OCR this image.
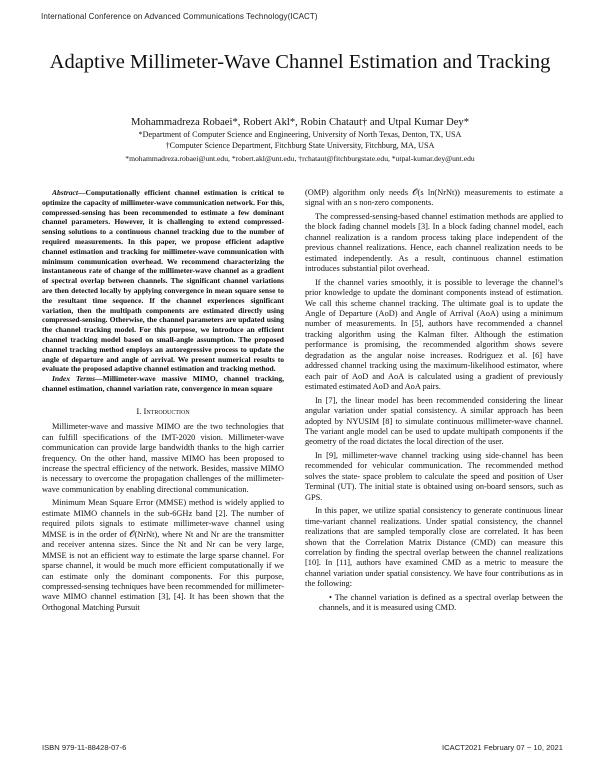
International Conference on Advanced Communications Technology(ICACT)
Adaptive Millimeter-Wave Channel Estimation and Tracking
Mohammadreza Robaei*, Robert Akl*, Robin Chataut† and Utpal Kumar Dey*
*Department of Computer Science and Engineering, University of North Texas, Denton, TX, USA
†Computer Science Department, Fitchburg State University, Fitchburg, MA, USA
*mohammadreza.robaei@unt.edu, *robert.akl@unt.edu, †rchataut@fitchburgstate.edu, *utpal-kumar.dey@unt.edu

Abstract—Computationally efficient channel estimation is critical to optimize the capacity of millimeter-wave communication network. For this, compressed-sensing has been recommended to estimate a few dominant channel parameters. However, it is challenging to extend compressed-sensing solutions to a continuous channel tracking due to the number of required measurements. In this paper, we propose efficient adaptive channel estimation and tracking for millimeter-wave communication with minimum communication overhead. We recommend characterizing the instantaneous rate of change of the millimeter-wave channel as a gradient of spectral overlap between channels. The significant channel variations are then detected locally by applying convergence in mean square sense to the resultant time sequence. If the channel experiences significant variation, then the multipath components are estimated directly using compressed-sensing. Otherwise, the channel parameters are updated using the channel tracking model. For this purpose, we introduce an efficient channel tracking model based on small-angle assumption. The proposed channel tracking method employs an autoregressive process to update the angle of departure and angle of arrival. We present numerical results to evaluate the proposed adaptive channel estimation and tracking method.

Index Terms—Millimeter-wave massive MIMO, channel tracking, channel estimation, channel variation rate, convergence in mean square

I. Introduction

Millimeter-wave and massive MIMO are the two technologies that can fulfill specifications of the IMT-2020 vision. Millimeter-wave communication can provide large bandwidth thanks to the high carrier frequency. On the other hand, massive MIMO has been proposed to increase the spectral efficiency of the network. Besides, massive MIMO is necessary to overcome the propagation challenges of the millimeter-wave communication by enabling directional communication.

Minimum Mean Square Error (MMSE) method is widely applied to estimate MIMO channels in the sub-6GHz band [2]. The number of required pilots signals to estimate millimeter-wave channel using MMSE is in the order of 𝒪(NrNt), where Nt and Nr are the transmitter and receiver antenna sizes. Since the Nt and Nr can be very large, MMSE is not an efficient way to estimate the large sparse channel. For sparse channel, it would be much more efficient computationally if we can estimate only the dominant components. For this purpose, compressed-sensing techniques have been recommended for millimeter-wave MIMO channel estimation [3], [4]. It has been shown that the Orthogonal Matching Pursuit

(OMP) algorithm only needs 𝒪(s ln(NrNt)) measurements to estimate a signal with an s non-zero components.

The compressed-sensing-based channel estimation methods are applied to the block fading channel models [3]. In a block fading channel model, each channel realization is a random process taking place independent of the previous channel realizations. Hence, each channel realization needs to be estimated independently. As a result, continuous channel estimation introduces substantial pilot overhead.

If the channel varies smoothly, it is possible to leverage the channel’s prior knowledge to update the dominant components instead of estimation. We call this scheme channel tracking. The ultimate goal is to update the Angle of Departure (AoD) and Angle of Arrival (AoA) using a minimum number of measurements. In [5], authors have recommended a channel tracking algorithm using the Kalman filter. Although the estimation performance is promising, the recommended algorithm shows severe degradation as the angular noise increases. Rodriguez et al. [6] have addressed channel tracking using the maximum-likelihood estimator, where each pair of AoD and AoA is calculated using a gradient of previously estimated estimated AoD and AoA pairs.

In [7], the linear model has been recommended considering the linear angular variation under spatial consistency. A similar approach has been adopted by NYUSIM [8] to simulate continuous millimeter-wave channel. The variant angle model can be used to update multipath components if the geometry of the road dictates the local direction of the user.

In [9], millimeter-wave channel tracking using side-channel has been recommended for vehicular communication. The recommended method solves the state- space problem to calculate the speed and position of User Terminal (UT). The initial state is obtained using on-board sensors, such as GPS.

In this paper, we utilize spatial consistency to generate continuous linear time-variant channel realizations. Under spatial consistency, the channel realizations that are sampled temporally close are correlated. It has been shown that the Correlation Matrix Distance (CMD) can measure this correlation by finding the spectral overlap between the channel realizations [10]. In [11], authors have examined CMD as a metric to measure the channel variation under spatial consistency. We have four contributions as in the following:

• The channel variation is defined as a spectral overlap between the channels, and it is measured using CMD.

ISBN 979-11-88428-07-6	ICACT2021 February 07 ~ 10, 2021
